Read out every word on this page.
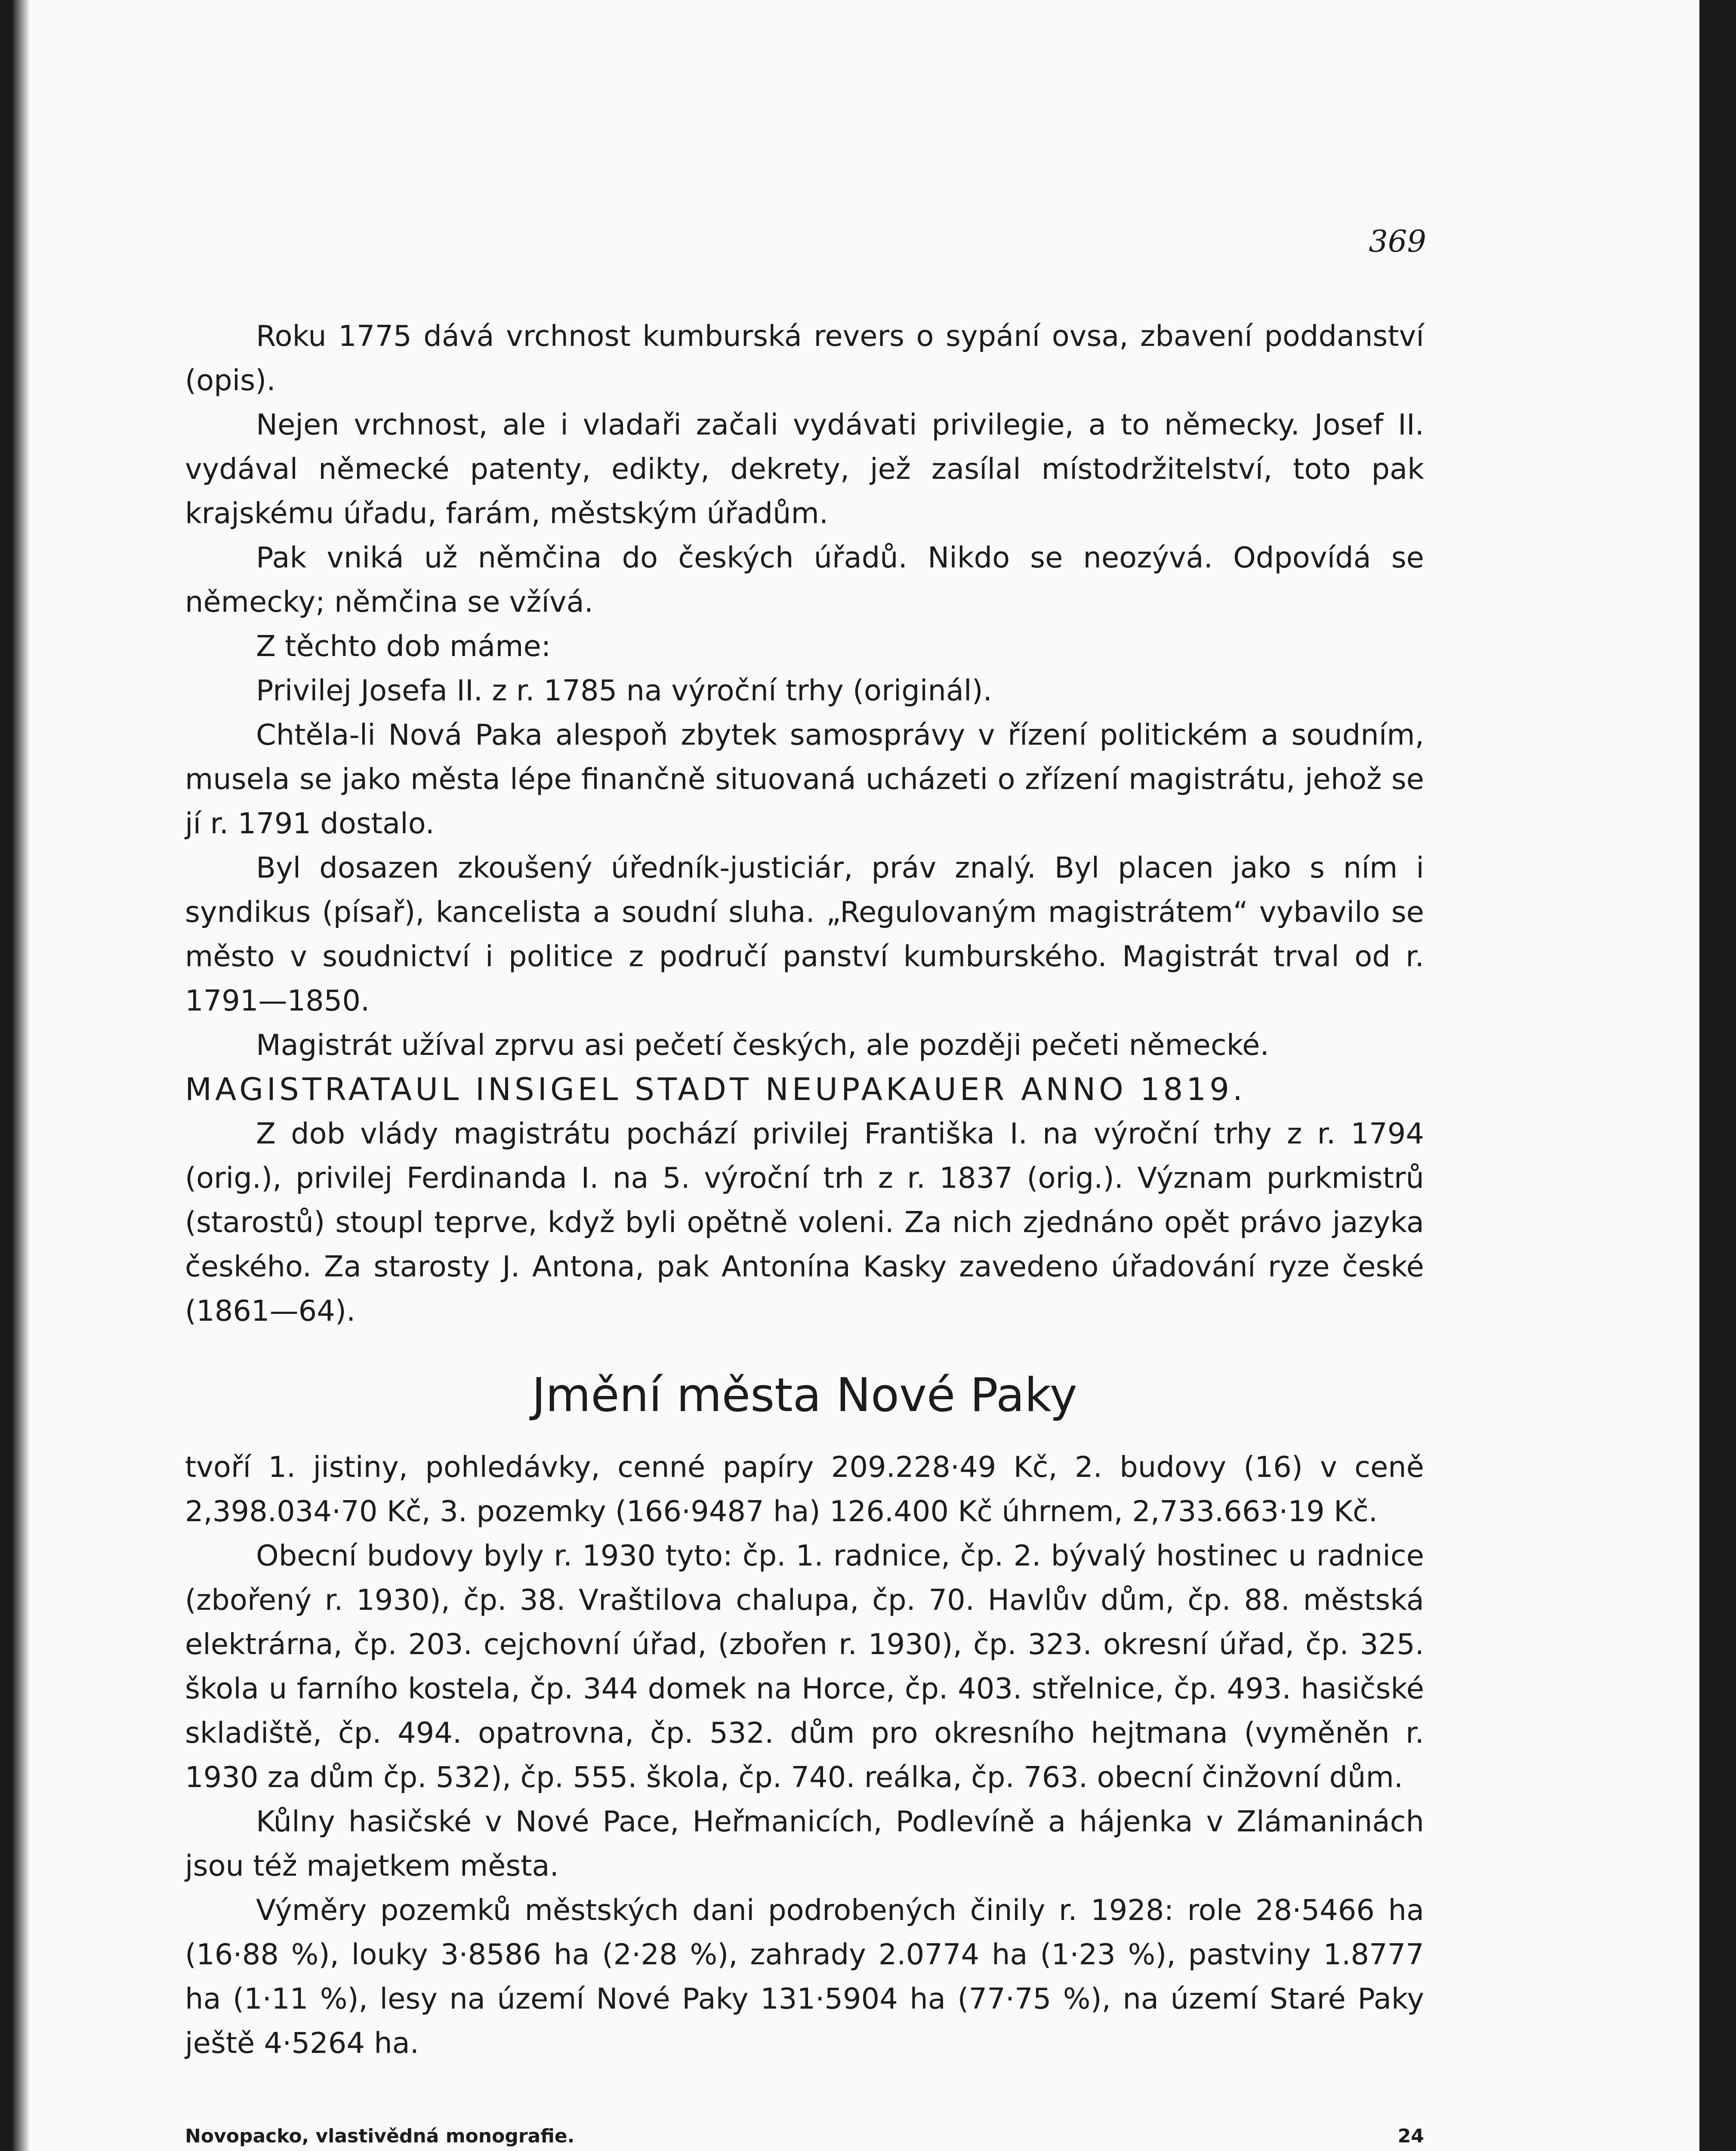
369

Roku 1775 dává vrchnost kumburská revers o sypání ovsa, zbavení poddanství (opis).

Nejen vrchnost, ale i vladaři začali vydávati privilegie, a to německy. Josef II. vydával německé patenty, edikty, dekrety, jež zasílal místodržitelství, toto pak krajskému úřadu, farám, městským úřadům.

Pak vniká už němčina do českých úřadů. Nikdo se neozývá. Odpovídá se německy; němčina se vžívá.

Z těchto dob máme:

Privilej Josefa II. z r. 1785 na výroční trhy (originál).

Chtěla-li Nová Paka alespoň zbytek samosprávy v řízení politickém a soudním, musela se jako města lépe finančně situovaná ucházeti o zřízení magistrátu, jehož se jí r. 1791 dostalo.

Byl dosazen zkoušený úředník-justiciár, práv znalý. Byl placen jako s ním i syndikus (písař), kancelista a soudní sluha. „Regulovaným magistrátem“ vybavilo se město v soudnictví i politice z područí panství kumburského. Magistrát trval od r. 1791—1850.

Magistrát užíval zprvu asi pečetí českých, ale později pečeti německé.

MAGISTRATAUL INSIGEL STADT NEUPAKAUER ANNO 1819.

Z dob vlády magistrátu pochází privilej Františka I. na výroční trhy z r. 1794 (orig.), privilej Ferdinanda I. na 5. výroční trh z r. 1837 (orig.). Význam purkmistrů (starostů) stoupl teprve, když byli opětně voleni. Za nich zjednáno opět právo jazyka českého. Za starosty J. Antona, pak Antonína Kasky zavedeno úřadování ryze české (1861—64).

Jmění města Nové Paky

tvoří 1. jistiny, pohledávky, cenné papíry 209.228·49 Kč, 2. budovy (16) v ceně 2,398.034·70 Kč, 3. pozemky (166·9487 ha) 126.400 Kč úhrnem, 2,733.663·19 Kč.

Obecní budovy byly r. 1930 tyto: čp. 1. radnice, čp. 2. bývalý hostinec u radnice (zbořený r. 1930), čp. 38. Vraštilova chalupa, čp. 70. Havlův dům, čp. 88. městská elektrárna, čp. 203. cejchovní úřad, (zbořen r. 1930), čp. 323. okresní úřad, čp. 325. škola u farního kostela, čp. 344 domek na Horce, čp. 403. střelnice, čp. 493. hasičské skladiště, čp. 494. opatrovna, čp. 532. dům pro okresního hejtmana (vyměněn r. 1930 za dům čp. 532), čp. 555. škola, čp. 740. reálka, čp. 763. obecní činžovní dům.

Kůlny hasičské v Nové Pace, Heřmanicích, Podlevíně a hájenka v Zlámaninách jsou též majetkem města.

Výměry pozemků městských dani podrobených činily r. 1928: role 28·5466 ha (16·88 %), louky 3·8586 ha (2·28 %), zahrady 2.0774 ha (1·23 %), pastviny 1.8777 ha (1·11 %), lesy na území Nové Paky 131·5904 ha (77·75 %), na území Staré Paky ještě 4·5264 ha.

Novopacko, vlastivědná monografie.	24
